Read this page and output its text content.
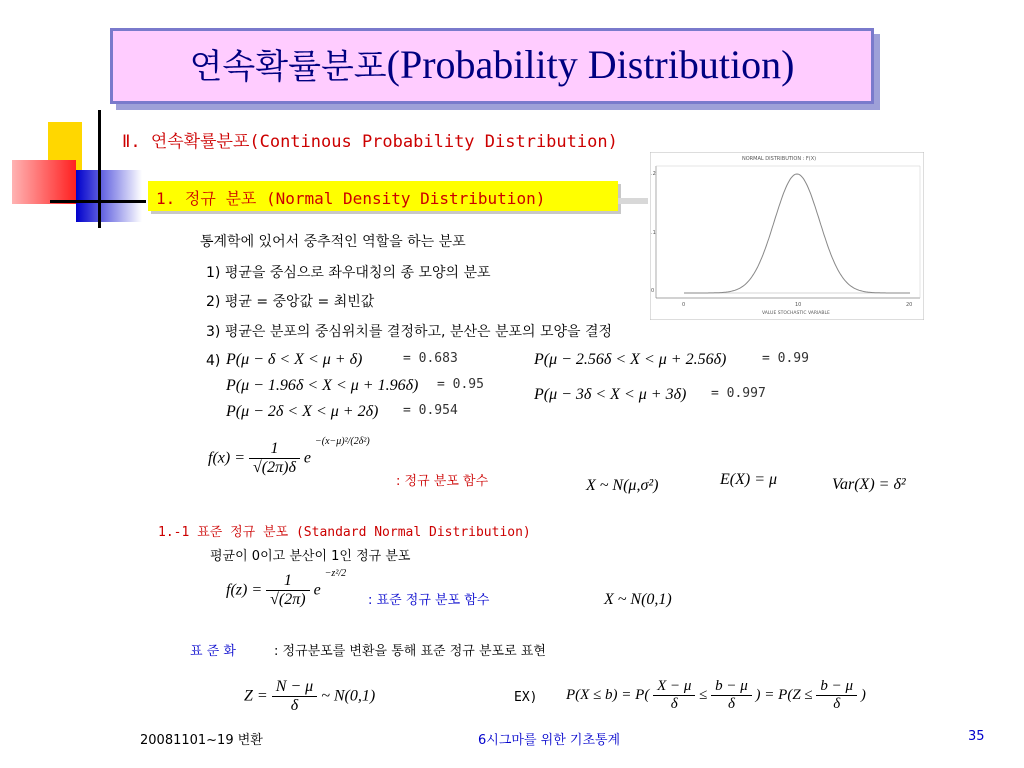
연속확률분포(Probability Distribution)
Ⅱ. 연속확률분포(Continous Probability Distribution)
1. 정규 분포 (Normal Density Distribution)
NORMAL DISTRIBUTION : F(X)
.2
.1
0
0	10	20
VALUE STOCHASTIC VARIABLE
통계학에 있어서 중추적인 역할을 하는 분포
1) 평균을 중심으로 좌우대칭의 종 모양의 분포
2) 평균 = 중앙값 = 최빈값
3) 평균은 분포의 중심위치를 결정하고, 분산은 분포의 모양을 결정
4) P(μ − δ < X < μ + δ)	= 0.683
P(μ − 1.96δ < X < μ + 1.96δ) = 0.95
P(μ − 2δ < X < μ + 2δ) = 0.954
P(μ − 2.56δ < X < μ + 2.56δ)	= 0.99
P(μ − 3δ < X < μ + 3δ) = 0.997
$f(x) = \frac{1}{√(2\pi)\delta}$ e $^{-(x-\mu)^2/(2\delta^2)}$
: 정규 분포 함수	X ~ N(μ,σ²)	E(X) = μ	Var(X) = δ²
1.-1 표준 정규 분포 (Standard Normal Distribution)
평균이 0이고 분산이 1인 정규 분포
$f(z) = \frac{1}{√(2\pi)}$ e $^{-z^2/2}$
: 표준 정규 분포 함수	X ~ N(0,1)
표 준 화	: 정규분포를 변환을 통해 표준 정규 분포로 표현
$Z = \frac{N - \mu}{\delta}$ ~ N(0,1)	EX) $P(X \le b) = P( \frac{X - \mu}{\delta} \le \frac{b - \mu}{\delta}$ ) = $P(Z \le \frac{b - \mu}{\delta}$ )
20081101~19 변환	6시그마를 위한 기초통계	35
